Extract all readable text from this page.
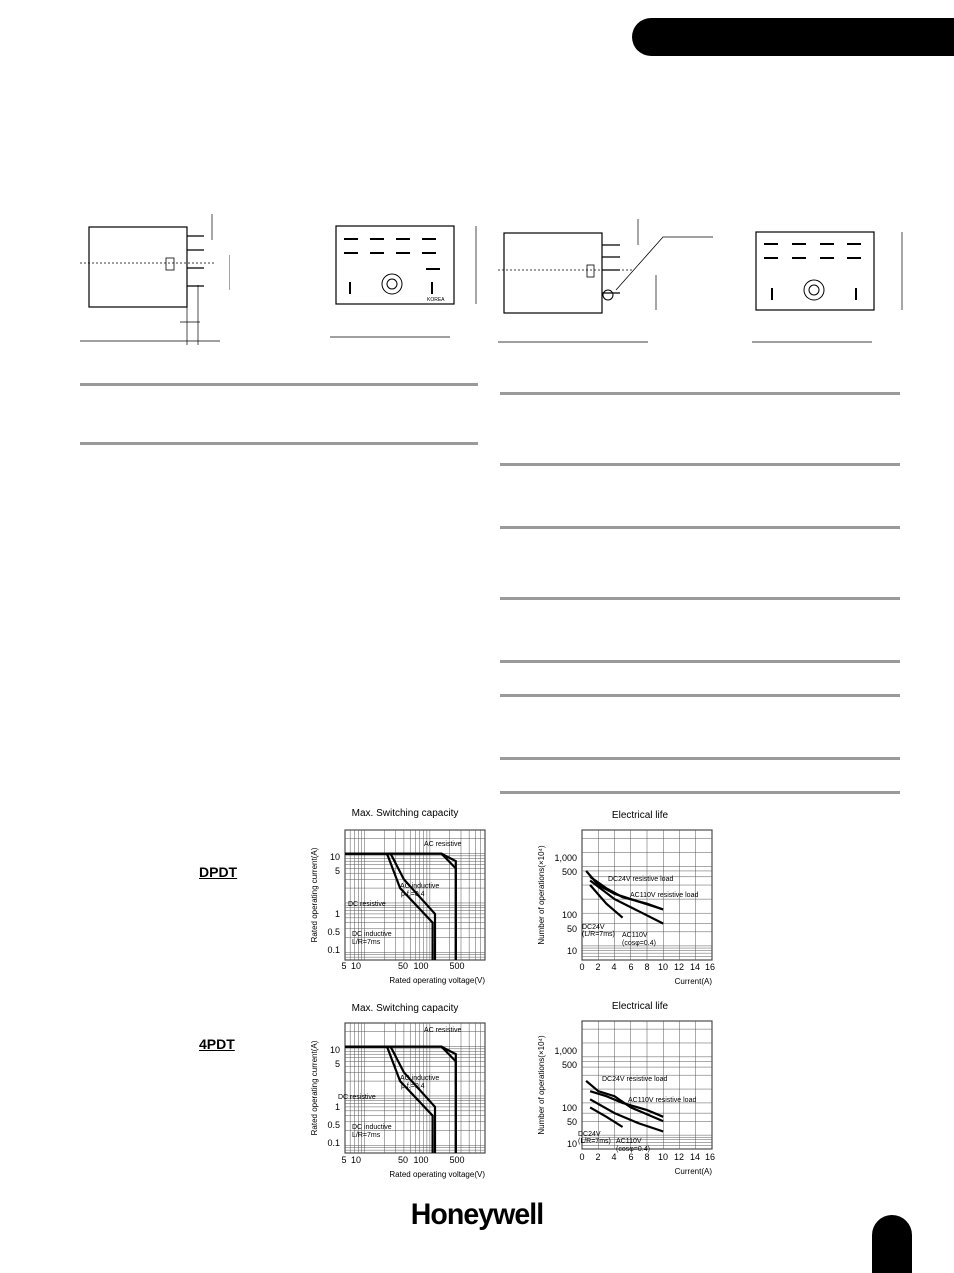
KOREA
DPDT
4PDT
Max. Switching capacity
5 10	50 100 500
10
5
1
0.5
0.1
Rated operating voltage(V)
Rated operating current(A)
AC resistive
AC inductive
p.f.=0.4
DC resistive
DC inductive
L/R=7ms
Electrical life
0 2 4 6 8 10 12 14 16
1,000
500
100
50
10
Current(A)
Number of operations(×10⁴)	DC24V resistive load
AC110V resistive load
DC24V
(L/R=7ms) AC110V
(cosφ=0.4)
Max. Switching capacity
5 10	50 100 500
10
5
1
0.5
0.1
Rated operating voltage(V)
Rated operating current(A)
AC resistive
AC inductive
p.f.=0.4
DC resistive
DC inductive
L/R=7ms
Electrical life
0 2 4 6 8 10 12 14 16
1,000
500
100
50
10
Current(A)
Number of operations(×10⁴)	DC24V resistive load
AC110V resistive load
DC24V
(L/R=7ms) AC110V
(cosφ=0.4)
Honeywell
